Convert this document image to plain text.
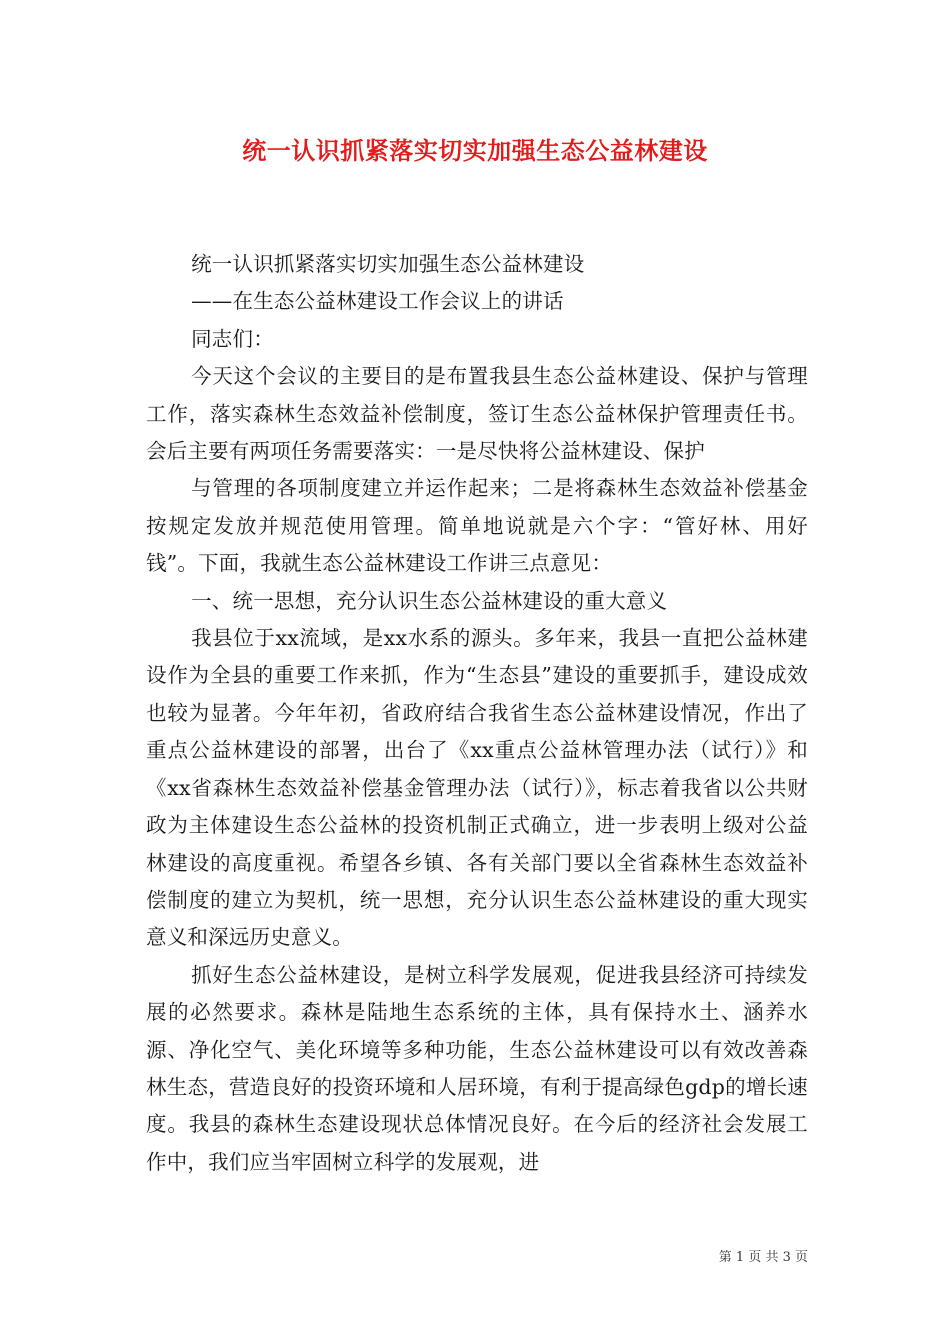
统一认识抓紧落实切实加强生态公益林建设

统一认识抓紧落实切实加强生态公益林建设

——在生态公益林建设工作会议上的讲话

同志们：

今天这个会议的主要目的是布置我县生态公益林建设、保护与管理工作，落实森林生态效益补偿制度，签订生态公益林保护管理责任书。会后主要有两项任务需要落实：一是尽快将公益林建设、保护

与管理的各项制度建立并运作起来；二是将森林生态效益补偿基金按规定发放并规范使用管理。简单地说就是六个字：“管好林、用好钱”。下面，我就生态公益林建设工作讲三点意见：

一、统一思想，充分认识生态公益林建设的重大意义

我县位于xx流域，是xx水系的源头。多年来，我县一直把公益林建设作为全县的重要工作来抓，作为“生态县”建设的重要抓手，建设成效也较为显著。今年年初，省政府结合我省生态公益林建设情况，作出了重点公益林建设的部署，出台了《xx重点公益林管理办法（试行）》和《xx省森林生态效益补偿基金管理办法（试行）》，标志着我省以公共财政为主体建设生态公益林的投资机制正式确立，进一步表明上级对公益林建设的高度重视。希望各乡镇、各有关部门要以全省森林生态效益补偿制度的建立为契机，统一思想，充分认识生态公益林建设的重大现实意义和深远历史意义。

抓好生态公益林建设，是树立科学发展观，促进我县经济可持续发展的必然要求。森林是陆地生态系统的主体，具有保持水土、涵养水源、净化空气、美化环境等多种功能，生态公益林建设可以有效改善森林生态，营造良好的投资环境和人居环境，有利于提高绿色gdp的增长速度。我县的森林生态建设现状总体情况良好。在今后的经济社会发展工作中，我们应当牢固树立科学的发展观，进

第 1 页 共 3 页
